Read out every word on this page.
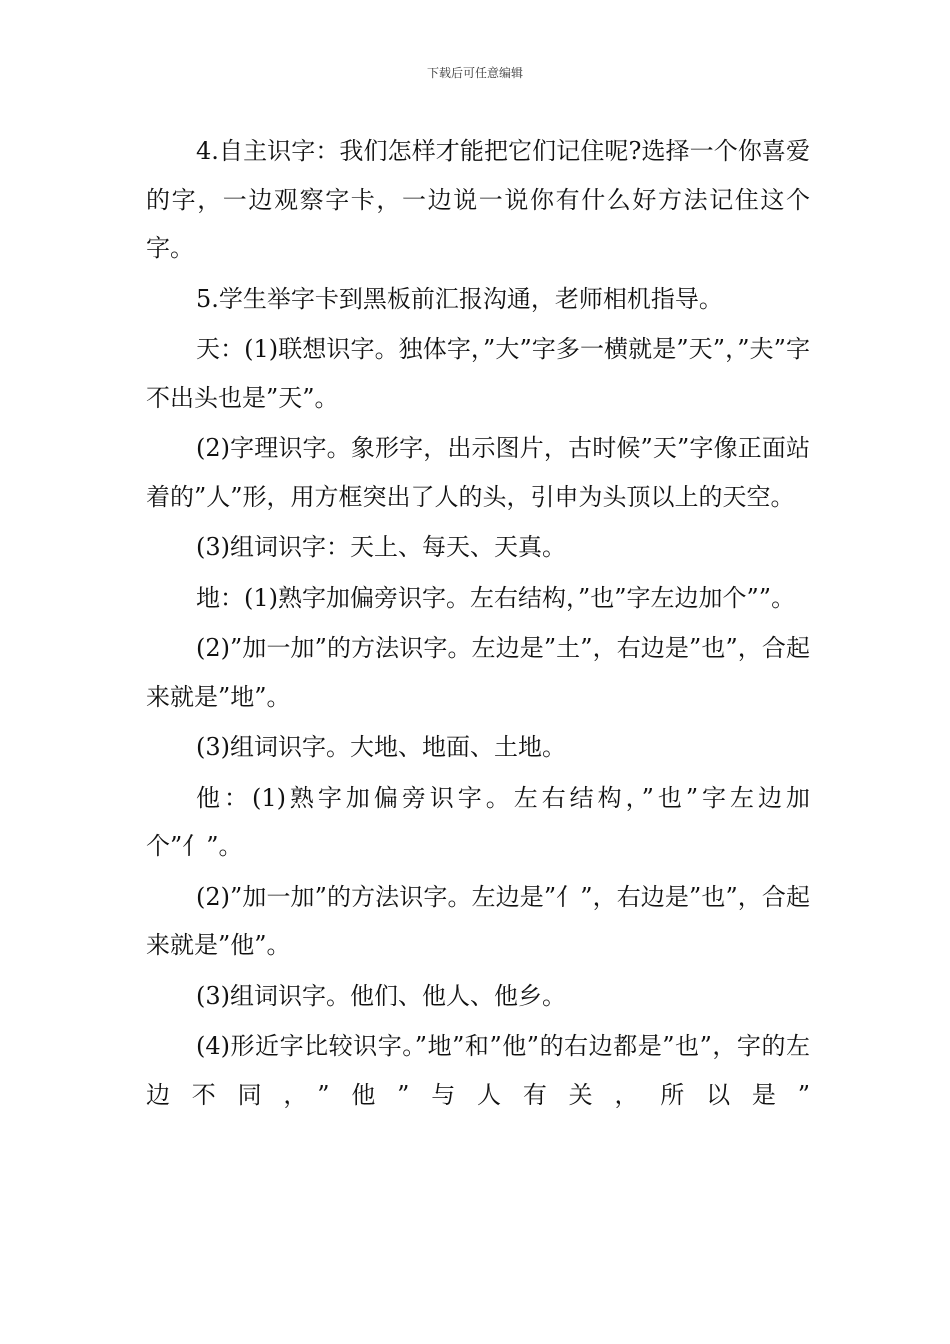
下载后可任意编辑

4.自主识字：我们怎样才能把它们记住呢?选择一个你喜爱的字，一边观察字卡，一边说一说你有什么好方法记住这个字。

5.学生举字卡到黑板前汇报沟通，老师相机指导。

天：(1)联想识字。独体字，”大”字多一横就是”天”，”夫”字不出头也是”天”。

(2)字理识字。象形字，出示图片，古时候”天”字像正面站着的”人”形，用方框突出了人的头，引申为头顶以上的天空。

(3)组词识字：天上、每天、天真。

地：(1)熟字加偏旁识字。左右结构，”也”字左边加个””。

(2)”加一加”的方法识字。左边是”土”，右边是”也”，合起来就是”地”。

(3)组词识字。大地、地面、土地。

他：(1)熟字加偏旁识字。左右结构，”也”字左边加个”亻”。

(2)”加一加”的方法识字。左边是”亻”，右边是”也”，合起来就是”他”。

(3)组词识字。他们、他人、他乡。

(4)形近字比较识字。”地”和”他”的右边都是”也”，字的左边不同，”他”与人有关，所以是”
